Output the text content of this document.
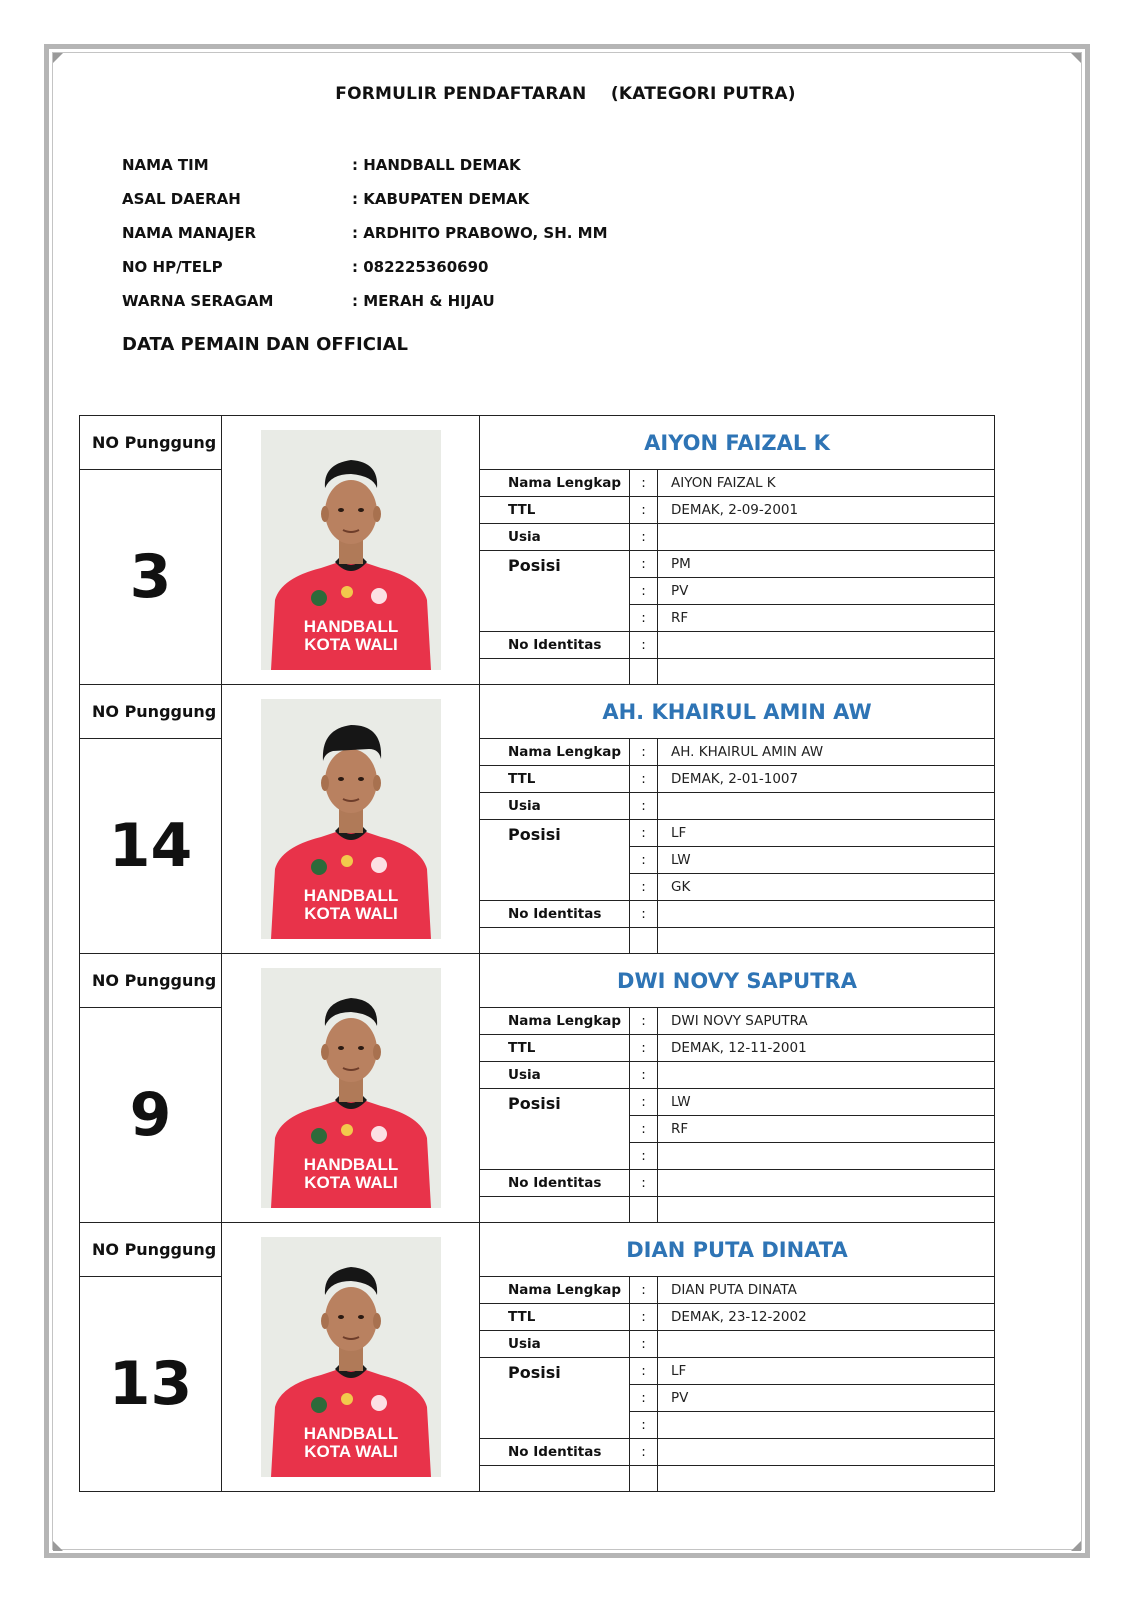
FORMULIR PENDAFTARAN    (KATEGORI PUTRA)
NAMA TIM	: HANDBALL DEMAK
ASAL DAERAH	: KABUPATEN DEMAK
NAMA MANAJER	: ARDHITO PRABOWO, SH. MM
NO HP/TELP	: 082225360690
WARNA SERAGAM	: MERAH & HIJAU
DATA PEMAIN DAN OFFICIAL
NO Punggung
3
HANDBALL
KOTA WALI
AIYON FAIZAL K
Nama Lengkap	:	AIYON FAIZAL K
TTL	:	DEMAK, 2-09-2001
Usia	:
Posisi	:	PM
:	PV
:	RF
No Identitas	:
NO Punggung
14
HANDBALL
KOTA WALI
AH. KHAIRUL AMIN AW
Nama Lengkap	:	AH. KHAIRUL AMIN AW
TTL	:	DEMAK, 2-01-1007
Usia	:
Posisi	:	LF
:	LW
:	GK
No Identitas	:
NO Punggung
9
HANDBALL
KOTA WALI
DWI NOVY SAPUTRA
Nama Lengkap	:	DWI NOVY SAPUTRA
TTL	:	DEMAK, 12-11-2001
Usia	:
Posisi	:	LW
:	RF
:
No Identitas	:
NO Punggung
13
HANDBALL
KOTA WALI
DIAN PUTA DINATA
Nama Lengkap	:	DIAN PUTA DINATA
TTL	:	DEMAK, 23-12-2002
Usia	:
Posisi	:	LF
:	PV
:
No Identitas	:
